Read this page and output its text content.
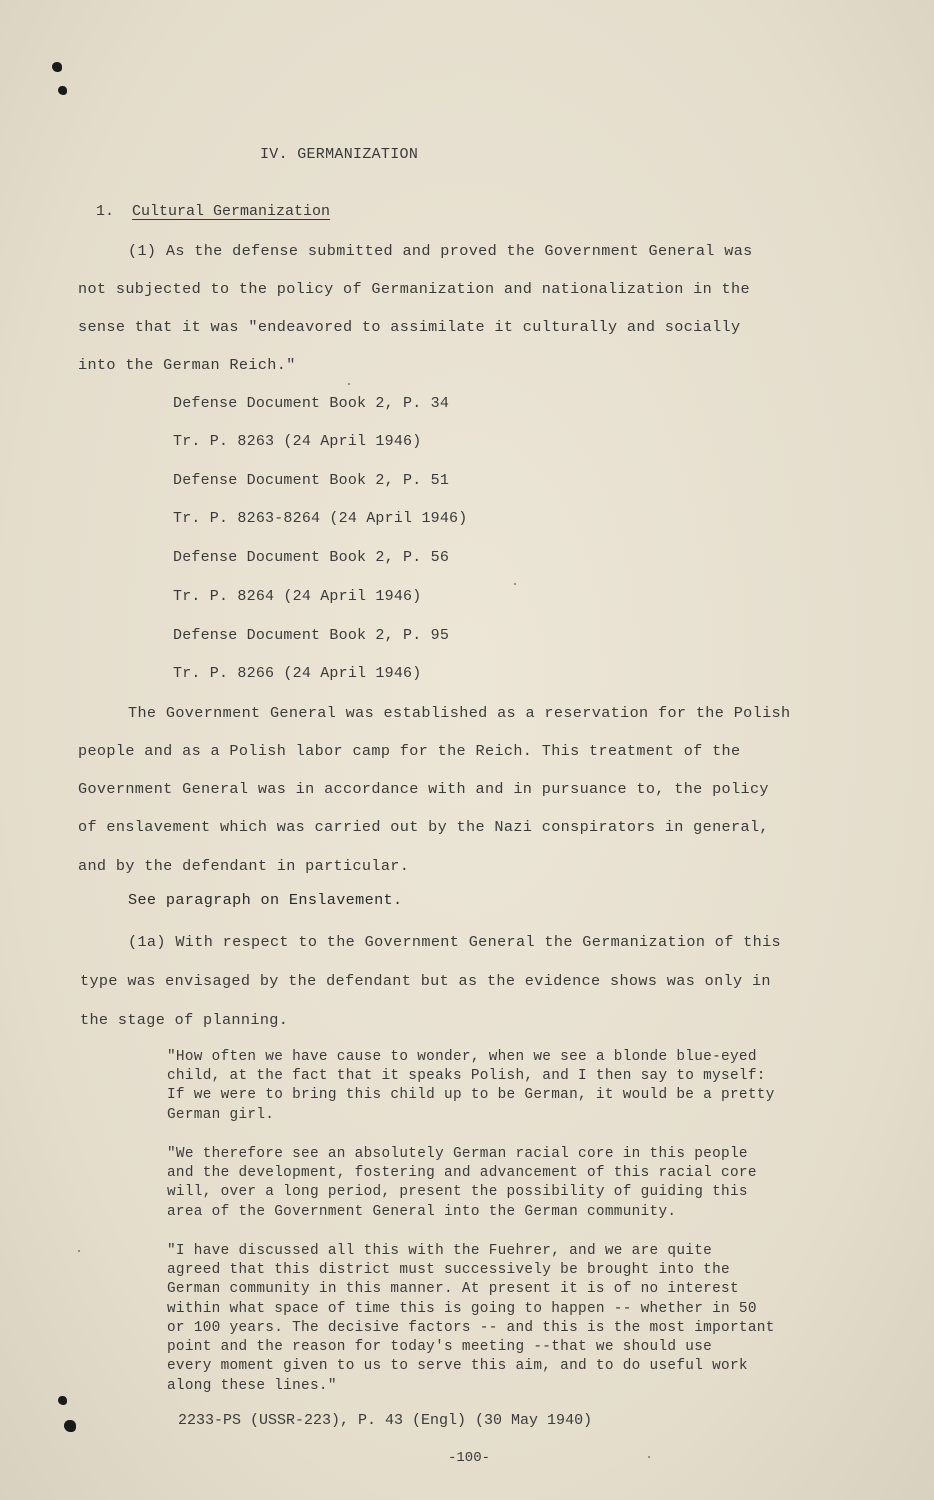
IV. GERMANIZATION
1. Cultural Germanization
(1) As the defense submitted and proved the Government General was
not subjected to the policy of Germanization and nationalization in the
sense that it was "endeavored to assimilate it culturally and socially
into the German Reich."
Defense Document Book 2, P. 34
Tr. P. 8263 (24 April 1946)
Defense Document Book 2, P. 51
Tr. P. 8263-8264 (24 April 1946)
Defense Document Book 2, P. 56
Tr. P. 8264 (24 April 1946)
Defense Document Book 2, P. 95
Tr. P. 8266 (24 April 1946)
The Government General was established as a reservation for the Polish
people and as a Polish labor camp for the Reich. This treatment of the
Government General was in accordance with and in pursuance to, the policy
of enslavement which was carried out by the Nazi conspirators in general,
and by the defendant in particular.
See paragraph on Enslavement.
(1a) With respect to the Government General the Germanization of this
type was envisaged by the defendant but as the evidence shows was only in
the stage of planning.
"How often we have cause to wonder, when we see a blonde blue-eyed
child, at the fact that it speaks Polish, and I then say to myself:
If we were to bring this child up to be German, it would be a pretty
German girl.
"We therefore see an absolutely German racial core in this people
and the development, fostering and advancement of this racial core
will, over a long period, present the possibility of guiding this
area of the Government General into the German community.
"I have discussed all this with the Fuehrer, and we are quite
agreed that this district must successively be brought into the
German community in this manner. At present it is of no interest
within what space of time this is going to happen -- whether in 50
or 100 years. The decisive factors -- and this is the most important
point and the reason for today's meeting --that we should use
every moment given to us to serve this aim, and to do useful work
along these lines."
2233-PS (USSR-223), P. 43 (Engl) (30 May 1940)
-100-
